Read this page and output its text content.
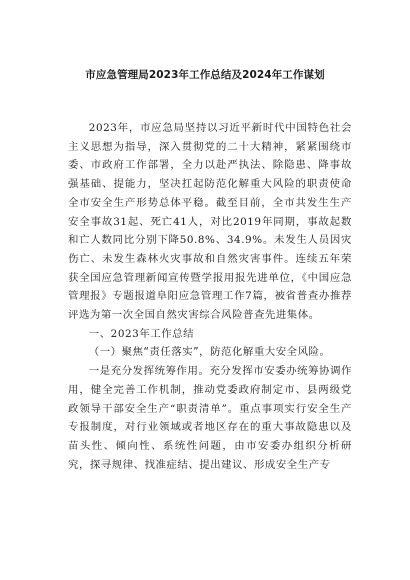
市应急管理局2023年工作总结及2024年工作谋划

2023年，市应急局坚持以习近平新时代中国特色社会主义思想为指导，深入贯彻党的二十大精神，紧紧围绕市委、市政府工作部署，全力以赴严执法、除隐患、降事故强基础、提能力，坚决扛起防范化解重大风险的职责使命全市安全生产形势总体平稳。截至目前，全市共发生生产安全事故31起、死亡41人，对比2019年同期，事故起数和亡人数同比分别下降50.8%、34.9%。未发生人员因灾伤亡、未发生森林火灾事故和自然灾害事件。连续五年荣获全国应急管理新闻宣传暨学报用报先进单位，《中国应急管理报》专题报道阜阳应急管理工作7篇，被省普查办推荐评选为第一次全国自然灾害综合风险普查先进集体。

一、2023年工作总结

（一）聚焦“责任落实”，防范化解重大安全风险。

一是充分发挥统筹作用。充分发挥市安委办统筹协调作用，健全完善工作机制，推动党委政府制定市、县两级党政领导干部安全生产“职责清单”。重点事项实行安全生产专报制度，对行业领域或者地区存在的重大事故隐患以及苗头性、倾向性、系统性问题，由市安委办组织分析研究，探寻规律、找准症结、提出建议、形成安全生产专
